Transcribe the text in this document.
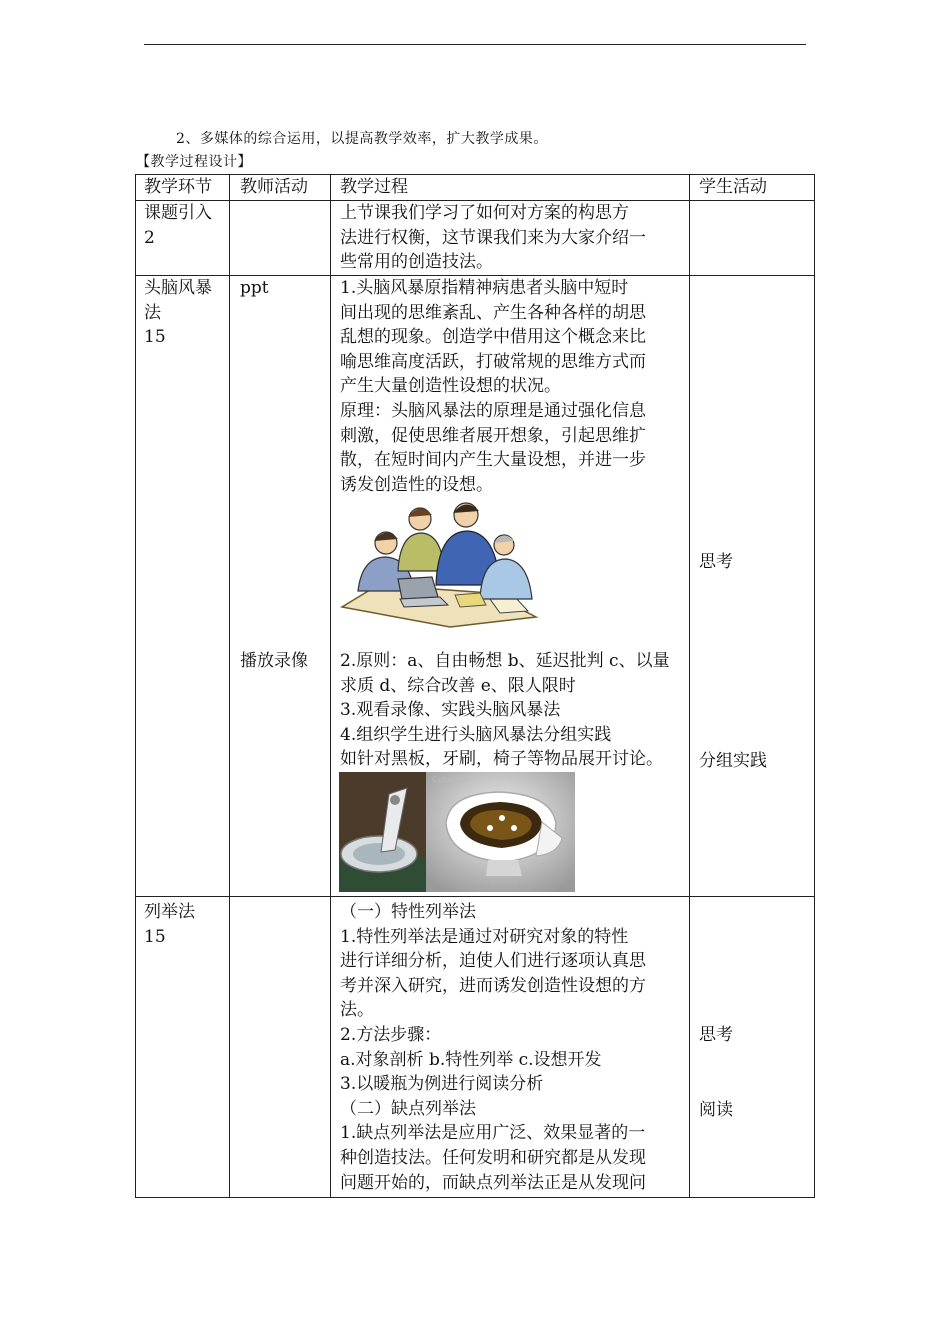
2、多媒体的综合运用，以提高教学效率，扩大教学成果。
【教学过程设计】
教学环节 教师活动 教学过程	学生活动

课题引入

2

上节课我们学习了如何对方案的构思方

法进行权衡，这节课我们来为大家介绍一

些常用的创造技法。

头脑风暴

法

15

ppt
播放录像

1.头脑风暴原指精神病患者头脑中短时

间出现的思维紊乱、产生各种各样的胡思

乱想的现象。创造学中借用这个概念来比

喻思维高度活跃，打破常规的思维方式而

产生大量创造性设想的状况。

原理：头脑风暴法的原理是通过强化信息

刺激，促使思维者展开想象，引起思维扩

散，在短时间内产生大量设想，并进一步

诱发创造性的设想。

2.原则：a、自由畅想 b、延迟批判 c、以量

求质 d、综合改善 e、限人限时

3.观看录像、实践头脑风暴法

4.组织学生进行头脑风暴法分组实践

如针对黑板，牙刷，椅子等物品展开讨论。

Cobubble
思考
分组实践

列举法

15

（一）特性列举法

1.特性列举法是通过对研究对象的特性

进行详细分析，迫使人们进行逐项认真思

考并深入研究，进而诱发创造性设想的方

法。

2.方法步骤：

a.对象剖析 b.特性列举 c.设想开发

3.以暖瓶为例进行阅读分析

（二）缺点列举法

1.缺点列举法是应用广泛、效果显著的一

种创造技法。任何发明和研究都是从发现

问题开始的，而缺点列举法正是从发现问

思考
阅读
